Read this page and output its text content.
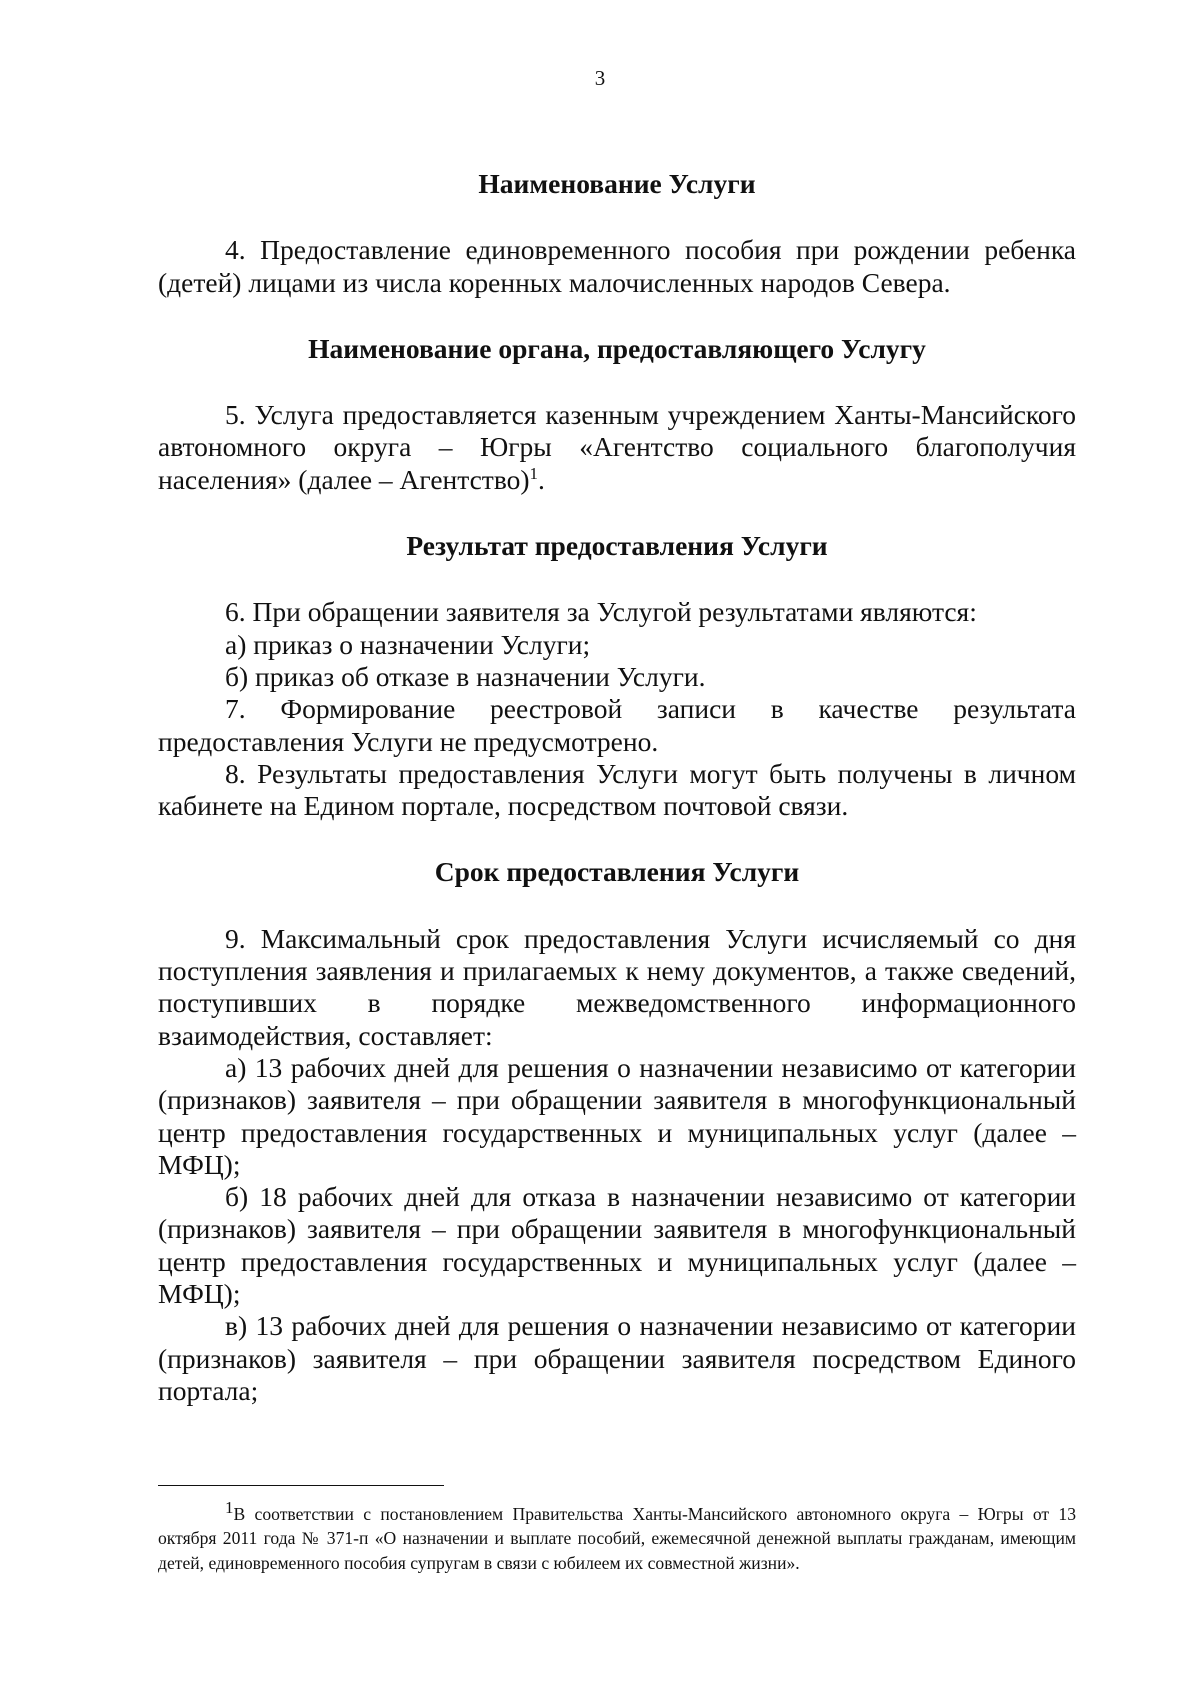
3
Наименование Услуги

4. Предоставление единовременного пособия при рождении ребенка (детей) лицами из числа коренных малочисленных народов Севера.

Наименование органа, предоставляющего Услугу

5. Услуга предоставляется казенным учреждением Ханты-Мансийского автономного округа – Югры «Агентство социального благополучия населения» (далее – Агентство)$^1$.

Результат предоставления Услуги

6. При обращении заявителя за Услугой результатами являются:

а) приказ о назначении Услуги;

б) приказ об отказе в назначении Услуги.

7. Формирование реестровой записи в качестве результата предоставления Услуги не предусмотрено.

8. Результаты предоставления Услуги могут быть получены в личном кабинете на Едином портале, посредством почтовой связи.

Срок предоставления Услуги

9. Максимальный срок предоставления Услуги исчисляемый со дня поступления заявления и прилагаемых к нему документов, а также сведений, поступивших в порядке межведомственного информационного взаимодействия, составляет:

а) 13 рабочих дней для решения о назначении независимо от категории (признаков) заявителя – при обращении заявителя в многофункциональный центр предоставления государственных и муниципальных услуг (далее – МФЦ);

б) 18 рабочих дней для отказа в назначении независимо от категории (признаков) заявителя – при обращении заявителя в многофункциональный центр предоставления государственных и муниципальных услуг (далее – МФЦ);

в) 13 рабочих дней для решения о назначении независимо от категории (признаков) заявителя – при обращении заявителя посредством Единого портала;

$^1$В соответствии с постановлением Правительства Ханты-Мансийского автономного округа – Югры от 13 октября 2011 года № 371-п «О назначении и выплате пособий, ежемесячной денежной выплаты гражданам, имеющим детей, единовременного пособия супругам в связи с юбилеем их совместной жизни».
